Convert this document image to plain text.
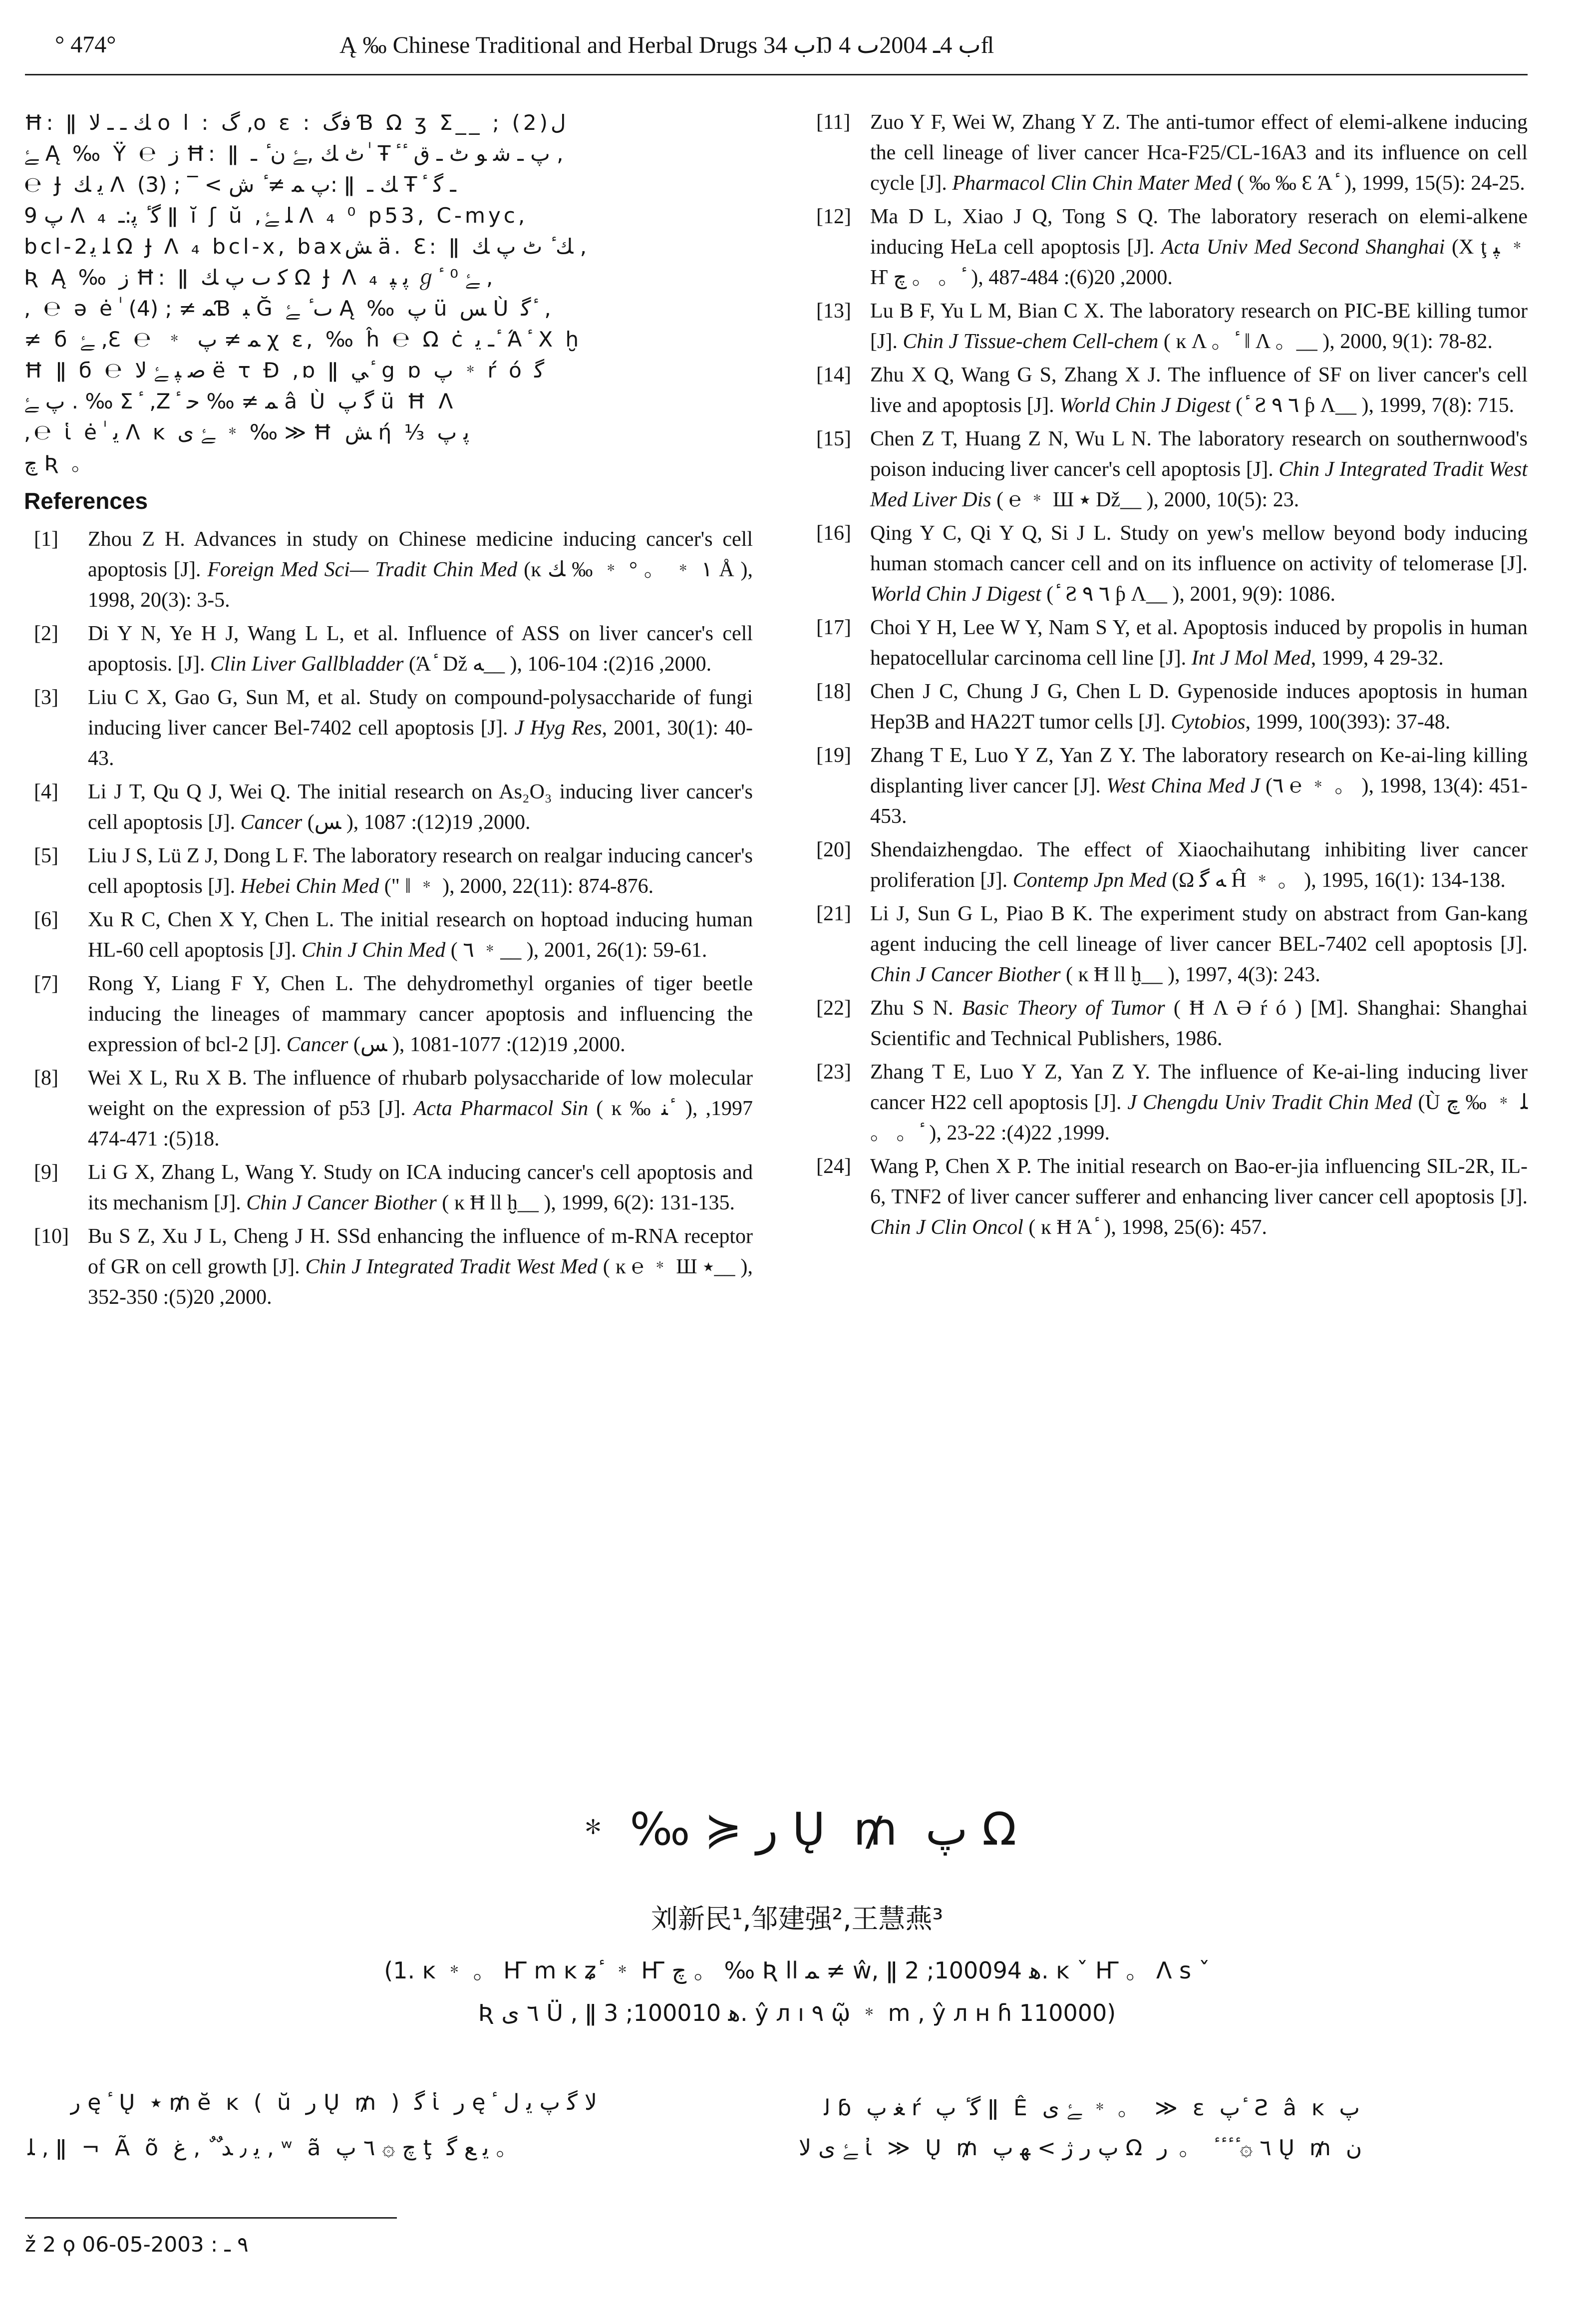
° 474°	Ą ‰ Chinese Traditional and Herbal Drugs ب 34Ŋ ب 4ـ 2004ٮ 4ﬂ
Ħ: ǁ ﻚ ـ ـ ﻻ ο l : گ ,ο ε : ﻓگ Ɓ Ω ʒ Σ__ ; (2)ﻝ
ﮱ Ą ‰ Ϋ ℮ ز Ħ: ǁ ٹ ﻚ ,ﮱ ن ٔ ـ ٰ Ŧ ٔ ٔ پ ـ ﺷ ﻮ ٹ ـ ﻕ ,
℮ Ɉ ﻳ ﻚ Λ پ ﻤ ≠ ٔ ﺵ > ‾ ; (3): ǁ ﻚ ـ Ŧ ٔ ـ ﮔ
پ 9 Λ ₄ ﮔ ٔ ﭘ:ـ ǁ ĭ ʃ ŭ ,ﻠ ﮱ Λ ₄ ⁰ p53, C-myc,
bcl-2ﻠ ﻳ Ω Ɉ Λ ₄ bcl-x, baxﺶ ä. Ɛ: ǁ ﻚ ٔ ٹ ﭖ ﻚ ,
Ʀ Ą ‰ ز Ħ: ǁ ﮐ ٮ ﭖ ﻚ Ω Ɉ Λ ₄ ﭘ ﭙ ℊ ٔ ⁰ ﮱ ,
, ℮ ә ė ٰ ﻤ ≠ ; (4)Ɓ ﺒ Ğ ٮ ٔ ﮱ Ą ‰ ﭖ ü ﺲ Ù ﮔ ٔ ,
≠ б ﮱ ,Ɛ ℮ ﹡ ﻤ ≠ ﭖ χ ε, ‰ ĥ ℮ Ω ċ ـ ﻳ ٔ Ά ٔ Χ ḫ
Ħ ǁ б ℮ ﺻ ﭙ ﮱ ﻻ ë τ Ð ,ɒ ǁ ﻲ ٔ g ɒ ﭖ ﹡ ŕ ó ﮔ
ﭖ ﮱ . ‰ Σ ٔ ,Ζ ٔ ﻤ ≠ ‰ ﺣ â Ù ﮔ ﭖ ü Ħ Λ
,℮ ἱ ė ٰ ﻳ Λ ĸ ﮱ ﻯ ﹡ ‰ ≫ Ħ ﺶ ή ⅓ ﭘ ﭖ
ﭺ Ʀ 。
References
[1]	Zhou Z H. Advances in study on Chinese medicine inducing cancer's cell apoptosis [J]. Foreign Med Sci— Tradit Chin Med (ĸ ١ ﹡ 。 ° ﹡ ‰ ﻚ Å ), 1998, 20(3): 3-5.
[2]	Di Y N, Ye H J, Wang L L, et al. Influence of ASS on liver cancer's cell apoptosis. [J]. Clin Liver Gallbladder (Ά ٔ Dž ﻪ__ ), 2000, 16(2): 104-106.
[3]	Liu C X, Gao G, Sun M, et al. Study on compound-polysaccharide of fungi inducing liver cancer Bel-7402 cell apoptosis [J]. J Hyg Res, 2001, 30(1): 40-43.
[4]	Li J T, Qu Q J, Wei Q. The initial research on As₂O₃ inducing liver cancer's cell apoptosis [J]. Cancer (ﺲ ), 2000, 19(12): 1087.
[5]	Liu J S, Lü Z J, Dong L F. The laboratory research on realgar inducing cancer's cell apoptosis [J]. Hebei Chin Med (" ǁ ﹡ ), 2000, 22(11): 874-876.
[6]	Xu R C, Chen X Y, Chen L. The initial research on hoptoad inducing human HL-60 cell apoptosis [J]. Chin J Chin Med ( ٦ ﹡__ ), 2001, 26(1): 59-61.
[7]	Rong Y, Liang F Y, Chen L. The dehydromethyl organies of tiger beetle inducing the lineages of mammary cancer apoptosis and influencing the expression of bcl-2 [J]. Cancer (ﺲ ), 2000, 19(12): 1077-1081.
[8]	Wei X L, Ru X B. The influence of rhubarb polysaccharide of low molecular weight on the expression of p53 [J]. Acta Pharmacol Sin ( ĸ ‰ ﻨ ٔ ), 1997, 18(5): 471-474.
[9]	Li G X, Zhang L, Wang Y. Study on ICA inducing cancer's cell apoptosis and its mechanism [J]. Chin J Cancer Biother ( ĸ Ħ ll ḫ__ ), 1999, 6(2): 131-135.
[10] Bu S Z, Xu J L, Cheng J H. SSd enhancing the influence of m-RNA receptor of GR on cell growth [J]. Chin J Integrated Tradit West Med ( ĸ ℮ ﹡ Ш ٭__ ), 2000, 20(5): 350-352.
[11] Zuo Y F, Wei W, Zhang Y Z. The anti-tumor effect of elemi-alkene inducing the cell lineage of liver cancer Hca-F25/CL-16A3 and its influence on cell cycle [J]. Pharmacol Clin Chin Mater Med ( ‰ ‰ Ɛ Ά ٔ ), 1999, 15(5): 24-25.
[12] Ma D L, Xiao J Q, Tong S Q. The laboratory reserach on elemi-alkene inducing HeLa cell apoptosis [J]. Acta Univ Med Second Shanghai (Χ ţ ﭙ ﹡ Ҥ ﭺ 。 。 ٔ ), 2000, 20(6): 484-487.
[13] Lu B F, Yu L M, Bian C X. The laboratory research on PIC-BE killing tumor [J]. Chin J Tissue-chem Cell-chem ( ĸ Λ 。 ٔ ǁ Λ 。__ ), 2000, 9(1): 78-82.
[14] Zhu X Q, Wang G S, Zhang X J. The influence of SF on liver cancer's cell live and apoptosis [J]. World Chin J Digest ( ٔ Ƨ ٦ ٩ ƥ Λ__ ), 1999, 7(8): 715.
[15] Chen Z T, Huang Z N, Wu L N. The laboratory research on southernwood's poison inducing liver cancer's cell apoptosis [J]. Chin J Integrated Tradit West Med Liver Dis ( ℮ ﹡ Ш ٭ Dž__ ), 2000, 10(5): 23.
[16] Qing Y C, Qi Y Q, Si J L. Study on yew's mellow beyond body inducing human stomach cancer cell and on its influence on activity of telomerase [J]. World Chin J Digest ( ٔ Ƨ ٦ ٩ ƥ Λ__ ), 2001, 9(9): 1086.
[17] Choi Y H, Lee W Y, Nam S Y, et al. Apoptosis induced by propolis in human hepatocellular carcinoma cell line [J]. Int J Mol Med, 1999, 4 29-32.
[18] Chen J C, Chung J G, Chen L D. Gypenoside induces apoptosis in human Hep3B and HA22T tumor cells [J]. Cytobios, 1999, 100(393): 37-48.
[19] Zhang T E, Luo Y Z, Yan Z Y. The laboratory research on Ke-ai-ling killing displanting liver cancer [J]. West China Med J (٦ ℮ ﹡ 。 ), 1998, 13(4): 451-453.
[20] Shendaizhengdao. The effect of Xiaochaihutang inhibiting liver cancer proliferation [J]. Contemp Jpn Med (Ω ﻪ ﮔ Ĥ ﹡ 。 ), 1995, 16(1): 134-138.
[21] Li J, Sun G L, Piao B K. The experiment study on abstract from Gan-kang agent inducing the cell lineage of liver cancer BEL-7402 cell apoptosis [J]. Chin J Cancer Biother ( ĸ Ħ ll ḫ__ ), 1997, 4(3): 243.
[22] Zhu S N. Basic Theory of Tumor ( Ħ Λ Ә ŕ ó ) [M]. Shanghai: Shanghai Scientific and Technical Publishers, 1986.
[23] Zhang T E, Luo Y Z, Yan Z Y. The influence of Ke-ai-ling inducing liver cancer H22 cell apoptosis [J]. J Chengdu Univ Tradit Chin Med (Ù ﻠ ﹡ ‰ ﭺ 。 。 ٔ ), 1999, 22(4): 22-23.
[24] Wang P, Chen X P. The initial research on Bao-er-jia influencing SIL-2R, IL-6, TNF2 of liver cancer sufferer and enhancing liver cancer cell apoptosis [J]. Chin J Clin Oncol ( ĸ Ħ Ά ٔ ), 1998, 25(6): 457.
﹡ ‰ ≽ ﺭ Ų ₥ ﭖ Ω
刘新民¹,邹建强²,王慧燕³
(1. ĸ ﹡ 。 Ҥ m ĸ ʑ ٔ ﹡ Ҥ ﭺ 。 ‰ Ʀ ll ﻤ ≠ ŵ, ǁ ﻫ 100094; 2. ĸ ˇ Ҥ 。 Λ s ˇ
Ʀ ٦ ﻯ Ü , ǁ ﻫ 100010; 3. ŷ л ı ٩ ῷ ﹡ m , ŷ л ʜ ɦ 110000)
ﺭ ę ٔ Ų ٭ ₥ ĕ ĸ ( ŭ ﺭ Ų ₥ ) ﮔ ἱ ﺭ ę ٔ ﻻ ﮔ ﭖ ﻳ ﻝ
ﻠ , ǁ ¬ Ã õ ﻳ ٫ ﺪ ٌ ٌ , ﻍ , ʷ ã ﭺ ۞ ٦ ﭖ ţ ﻳ ﻊ ﮔ 。
ﻟ ɓ ﻐ ﭖ ŕ ﮔ ٔ ﭖ ǁ Ê ﮱ ﻯ ﹡ 。 ≫ ɛ ﭖ ٔ Ƨ â ĸ ﭖ
ﮱ ﻯ ﻻ ἰ ≫ Ų ₥ ﭖ ﺭ ﮊ > ﻬ ﭖ Ω ٦ ۞ ٔ ٔ ٔ ٔ 。 ﺭ Ų ₥ ﻥ
ž 2 ϙ ٩ ـ : 2003-05-06
